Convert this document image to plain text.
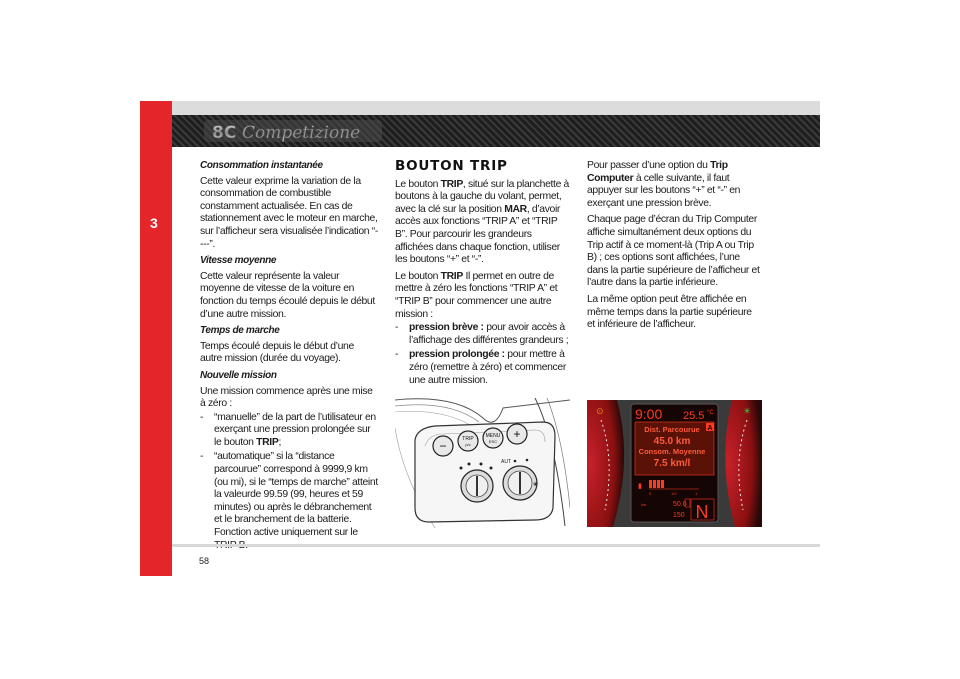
3
8C Competizione
Consommation instantanée

Cette valeur exprime la variation de la consommation de combustible constamment actualisée. En cas de stationnement avec le moteur en marche, sur l’afficheur sera visualisée l’indication “----”.

Vitesse moyenne

Cette valeur représente la valeur moyenne de vitesse de la voiture en fonction du temps écoulé depuis le début d’une autre mission.

Temps de marche

Temps écoulé depuis le début d’une autre mission (durée du voyage).

Nouvelle mission

Une mission commence après une mise à zéro :

-	“manuelle” de la part de l’utilisateur en exerçant une pression prolongée sur le bouton TRIP;
-	“automatique” si la “distance parcourue” correspond à 9999,9 km (ou mi), si le “temps de marche” atteint la valeurde 99.59 (99, heures et 59 minutes) ou après le débranchement et le branchement de la batterie.
Fonction active uniquement sur le
BOUTON TRIP

Le bouton TRIP, situé sur la planchette à boutons à la gauche du volant, permet, avec la clé sur la position MAR, d’avoir accès aux fonctions “TRIP A” et “TRIP B”. Pour parcourir les grandeurs affichées dans chaque fonction, utiliser les boutons “+” et “-”.

Le bouton TRIP Il permet en outre de mettre à zéro les fonctions “TRIP A” et “TRIP B” pour commencer une autre mission :

-	pression brève : pour avoir accès à l’affichage des différentes grandeurs ;
-	pression prolongée : pour mettre à zéro (remettre à zéro) et commencer une autre mission.

Pour passer d’une option du Trip Computer à celle suivante, il faut appuyer sur les boutons “+” et “-” en exerçant une pression brève.

Chaque page d’écran du Trip Computer affiche simultanément deux options du Trip actif à ce moment-là (Trip A ou Trip B) ; ces options sont affichées, l’une dans la partie supérieure de l’afficheur et l’autre dans la partie inférieure.

La même option peut être affichée en même temps dans la partie supérieure et inférieure de l’afficheur.

−	TRIP
p/c
MENU
ESC
+
AUT
❀
⊙	☀
9:00 25.5 °C
A
Dist. Parcourue
45.0 km
Consom. Moyenne
7.5 km/l
▮
0	1/2	1
km	50.0
150 N
58
